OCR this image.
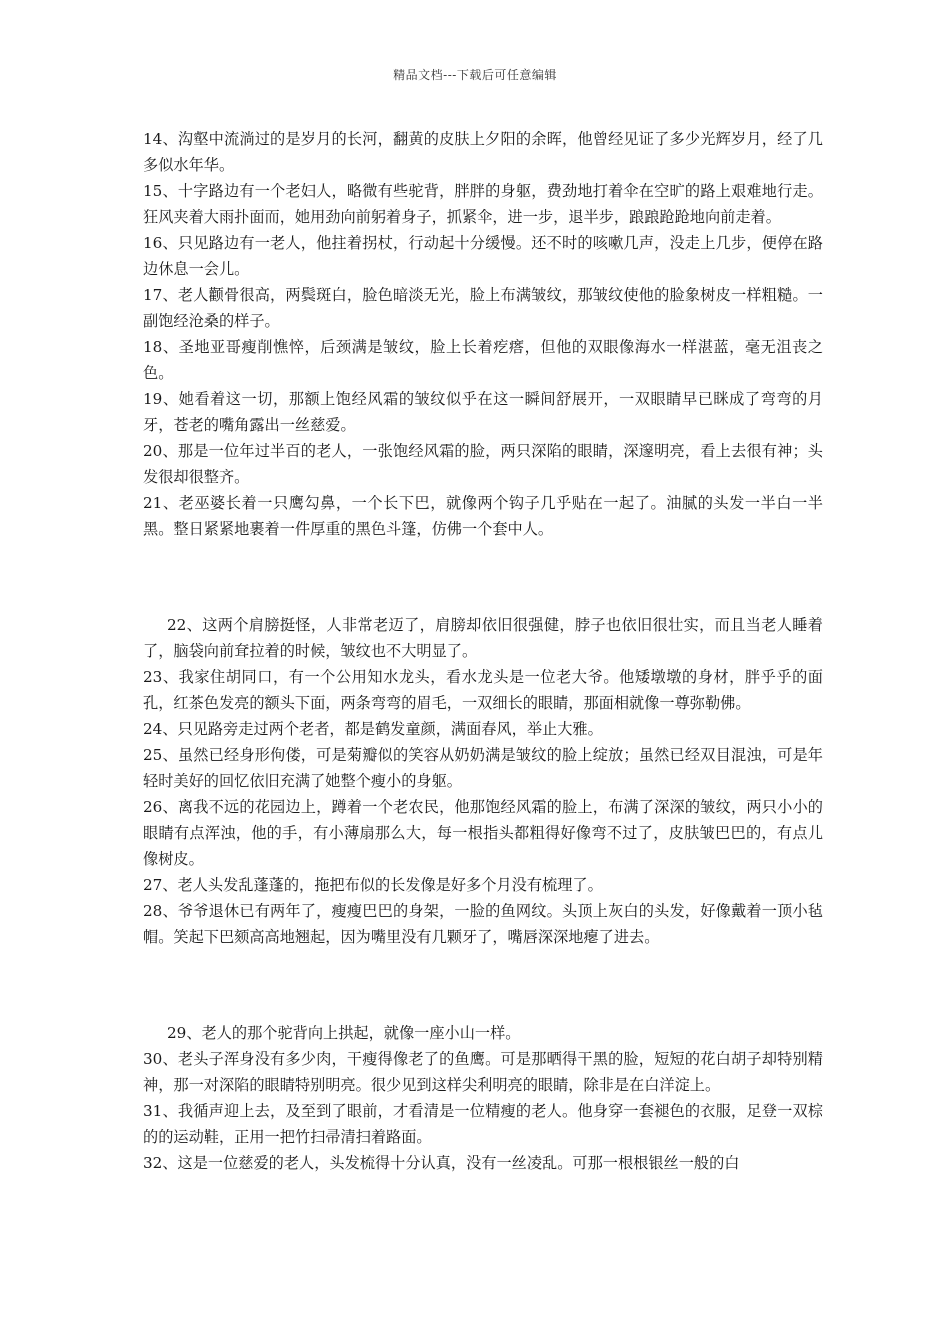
精品文档---下载后可任意编辑

14、沟壑中流淌过的是岁月的长河，翻黄的皮肤上夕阳的余晖，他曾经见证了多少光辉岁月，经了几多似水年华。

15、十字路边有一个老妇人，略微有些驼背，胖胖的身躯，费劲地打着伞在空旷的路上艰难地行走。狂风夹着大雨扑面而，她用劲向前躬着身子，抓紧伞，进一步，退半步，踉踉跄跄地向前走着。

16、只见路边有一老人，他拄着拐杖，行动起十分缓慢。还不时的咳嗽几声，没走上几步，便停在路边休息一会儿。

17、老人颧骨很高，两鬓斑白，脸色暗淡无光，脸上布满皱纹，那皱纹使他的脸象树皮一样粗糙。一副饱经沧桑的样子。

18、圣地亚哥瘦削憔悴，后颈满是皱纹，脸上长着疙瘩，但他的双眼像海水一样湛蓝，毫无沮丧之色。

19、她看着这一切，那额上饱经风霜的皱纹似乎在这一瞬间舒展开，一双眼睛早已眯成了弯弯的月牙，苍老的嘴角露出一丝慈爱。

20、那是一位年过半百的老人，一张饱经风霜的脸，两只深陷的眼睛，深邃明亮，看上去很有神；头发很却很整齐。

21、老巫婆长着一只鹰勾鼻，一个长下巴，就像两个钩子几乎贴在一起了。油腻的头发一半白一半黑。整日紧紧地裹着一件厚重的黑色斗篷，仿佛一个套中人。

22、这两个肩膀挺怪，人非常老迈了，肩膀却依旧很强健，脖子也依旧很壮实，而且当老人睡着了，脑袋向前耷拉着的时候，皱纹也不大明显了。

23、我家住胡同口，有一个公用知水龙头，看水龙头是一位老大爷。他矮墩墩的身材，胖乎乎的面孔，红茶色发亮的额头下面，两条弯弯的眉毛，一双细长的眼睛，那面相就像一尊弥勒佛。

24、只见路旁走过两个老者，都是鹤发童颜，满面春风，举止大雅。

25、虽然已经身形佝偻，可是菊瓣似的笑容从奶奶满是皱纹的脸上绽放；虽然已经双目混浊，可是年轻时美好的回忆依旧充满了她整个瘦小的身躯。

26、离我不远的花园边上，蹲着一个老农民，他那饱经风霜的脸上，布满了深深的皱纹，两只小小的眼睛有点浑浊，他的手，有小薄扇那么大，每一根指头都粗得好像弯不过了，皮肤皱巴巴的，有点儿像树皮。

27、老人头发乱蓬蓬的，拖把布似的长发像是好多个月没有梳理了。

28、爷爷退休已有两年了，瘦瘦巴巴的身架，一脸的鱼网纹。头顶上灰白的头发，好像戴着一顶小毡帽。笑起下巴颏高高地翘起，因为嘴里没有几颗牙了，嘴唇深深地瘪了进去。

29、老人的那个驼背向上拱起，就像一座小山一样。

30、老头子浑身没有多少肉，干瘦得像老了的鱼鹰。可是那晒得干黑的脸，短短的花白胡子却特别精神，那一对深陷的眼睛特别明亮。很少见到这样尖利明亮的眼睛，除非是在白洋淀上。

31、我循声迎上去，及至到了眼前，才看清是一位精瘦的老人。他身穿一套褪色的衣服，足登一双棕的的运动鞋，正用一把竹扫帚清扫着路面。

32、这是一位慈爱的老人，头发梳得十分认真，没有一丝凌乱。可那一根根银丝一般的白
